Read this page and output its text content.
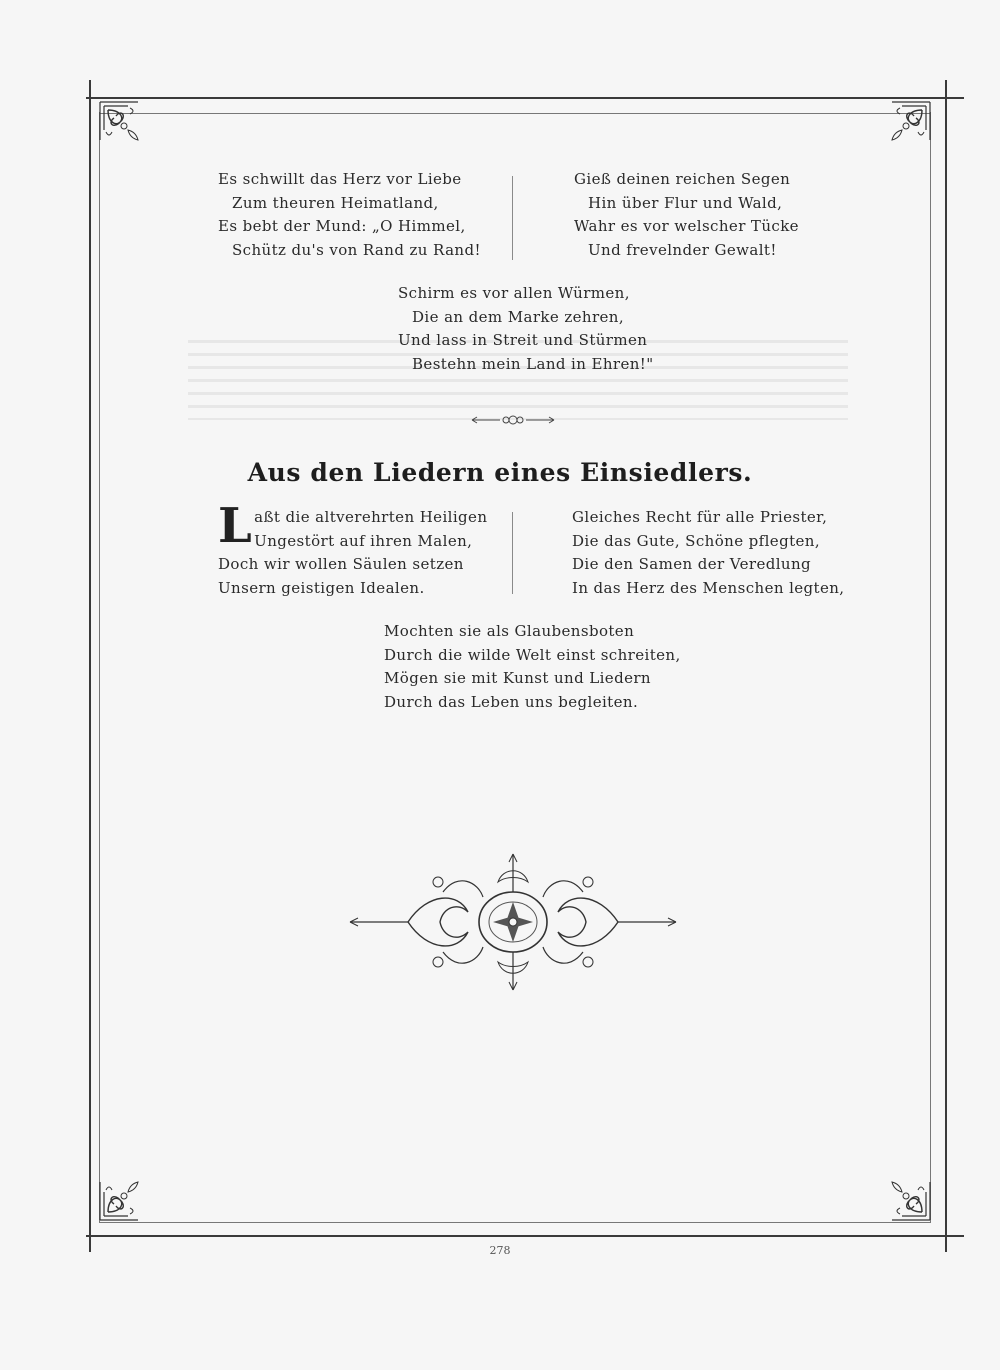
Es schwillt das Herz vor Liebe
Zum theuren Heimatland,
Es bebt der Mund: „O Himmel,
Schütz du's von Rand zu Rand!
Gieß deinen reichen Segen
Hin über Flur und Wald,
Wahr es vor welscher Tücke
Und frevelnder Gewalt!
Schirm es vor allen Würmen,
Die an dem Marke zehren,
Und lass in Streit und Stürmen
Bestehn mein Land in Ehren!"
Aus den Liedern eines Einsiedlers.
L aßt die altverehrten Heiligen
Ungestört auf ihren Malen,
Doch wir wollen Säulen setzen
Unsern geistigen Idealen.
Gleiches Recht für alle Priester,
Die das Gute, Schöne pflegten,
Die den Samen der Veredlung
In das Herz des Menschen legten,
Mochten sie als Glaubensboten
Durch die wilde Welt einst schreiten,
Mögen sie mit Kunst und Liedern
Durch das Leben uns begleiten.
278
